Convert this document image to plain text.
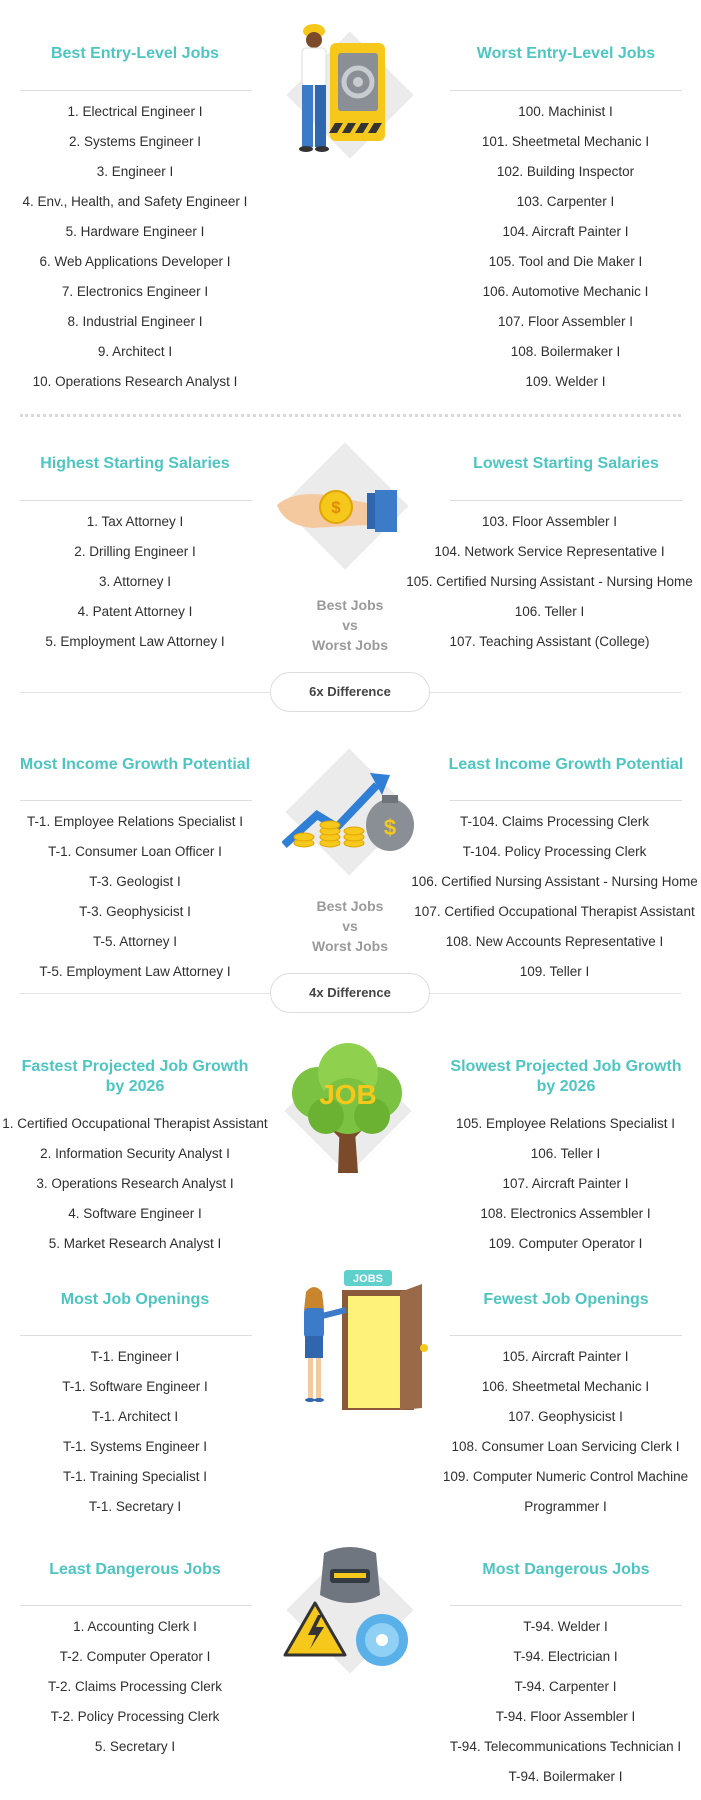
Best Entry-Level Jobs	Worst Entry-Level Jobs
1. Electrical Engineer I
2. Systems Engineer I
3. Engineer I
4. Env., Health, and Safety Engineer I
5. Hardware Engineer I
6. Web Applications Developer I
7. Electronics Engineer I
8. Industrial Engineer I
9. Architect I
10. Operations Research Analyst I
100. Machinist I
101. Sheetmetal Mechanic I
102. Building Inspector
103. Carpenter I
104. Aircraft Painter I
105. Tool and Die Maker I
106. Automotive Mechanic I
107. Floor Assembler I
108. Boilermaker I
109. Welder I
Highest Starting Salaries	Lowest Starting Salaries
1. Tax Attorney I
2. Drilling Engineer I
3. Attorney I
4. Patent Attorney I
5. Employment Law Attorney I
103. Floor Assembler I
104. Network Service Representative I
105. Certified Nursing Assistant - Nursing Home
106. Teller I
107. Teaching Assistant (College)
$
Best Jobs
vs
Worst Jobs
6x Difference
Most Income Growth Potential	Least Income Growth Potential
T-1. Employee Relations Specialist I
T-1. Consumer Loan Officer I
T-3. Geologist I
T-3. Geophysicist I
T-5. Attorney I
T-5. Employment Law Attorney I
T-104. Claims Processing Clerk
T-104. Policy Processing Clerk
106. Certified Nursing Assistant - Nursing Home
107. Certified Occupational Therapist Assistant
108. New Accounts Representative I
109. Teller I
$
Best Jobs
vs
Worst Jobs
4x Difference
Fastest Projected Job Growth by 2026
Slowest Projected Job Growth by 2026
1. Certified Occupational Therapist Assistant
2. Information Security Analyst I
3. Operations Research Analyst I
4. Software Engineer I
5. Market Research Analyst I
105. Employee Relations Specialist I
106. Teller I
107. Aircraft Painter I
108. Electronics Assembler I
109. Computer Operator I
JOB
Most Job Openings	Fewest Job Openings
T-1. Engineer I
T-1. Software Engineer I
T-1. Architect I
T-1. Systems Engineer I
T-1. Training Specialist I
T-1. Secretary I
105. Aircraft Painter I
106. Sheetmetal Mechanic I
107. Geophysicist I
108. Consumer Loan Servicing Clerk I
109. Computer Numeric Control Machine Programmer I
JOBS
Least Dangerous Jobs	Most Dangerous Jobs
1. Accounting Clerk I
T-2. Computer Operator I
T-2. Claims Processing Clerk
T-2. Policy Processing Clerk
5. Secretary I
T-94. Welder I
T-94. Electrician I
T-94. Carpenter I
T-94. Floor Assembler I
T-94. Telecommunications Technician I
T-94. Boilermaker I
